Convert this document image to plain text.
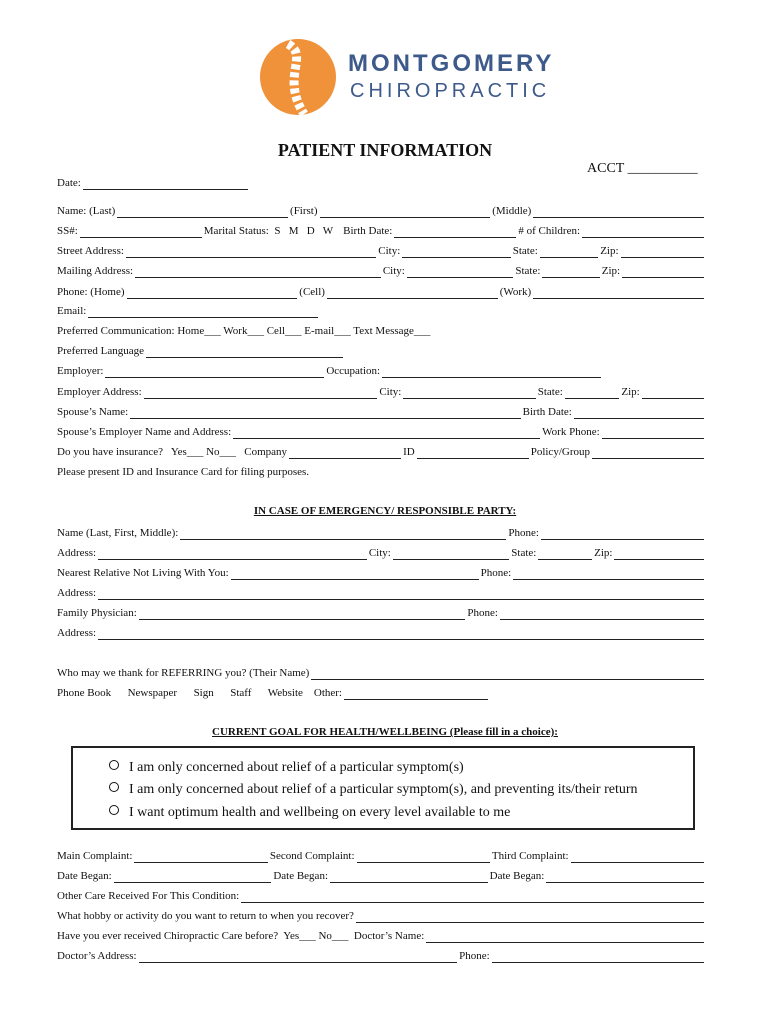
MONTGOMERY
CHIROPRACTIC
PATIENT INFORMATION
ACCT __________
Date:
Name: (Last)	(First)	(Middle)
SS#:	Marital Status:  S   M   D   W Birth Date:	# of Children:
Street Address:	City:	State:	Zip:
Mailing Address:	City:	State:	Zip:
Phone: (Home)	(Cell)	(Work)
Email:
Preferred Communication: Home___ Work___ Cell___ E-mail___ Text Message___
Preferred Language
Employer:	Occupation:
Employer Address:	City:	State:	Zip:
Spouse’s Name:	Birth Date:
Spouse’s Employer Name and Address:	Work Phone:
Do you have insurance?   Yes___ No___   Company	ID	Policy/Group
Please present ID and Insurance Card for filing purposes.
IN CASE OF EMERGENCY/ RESPONSIBLE PARTY:
Name (Last, First, Middle):	Phone:
Address:	City:	State:	Zip:
Nearest Relative Not Living With You:	Phone:
Address:
Family Physician:	Phone:
Address:
Who may we thank for REFERRING you? (Their Name)
Phone Book      Newspaper      Sign      Staff      Website    Other:
CURRENT GOAL FOR HEALTH/WELLBEING (Please fill in a choice):
I am only concerned about relief of a particular symptom(s)
I am only concerned about relief of a particular symptom(s), and preventing its/their return
I want optimum health and wellbeing on every level available to me
Main Complaint:	Second Complaint:	Third Complaint:
Date Began:	Date Began:	Date Began:
Other Care Received For This Condition:
What hobby or activity do you want to return to when you recover?
Have you ever received Chiropractic Care before?  Yes___ No___  Doctor’s Name:
Doctor’s Address:	Phone:
